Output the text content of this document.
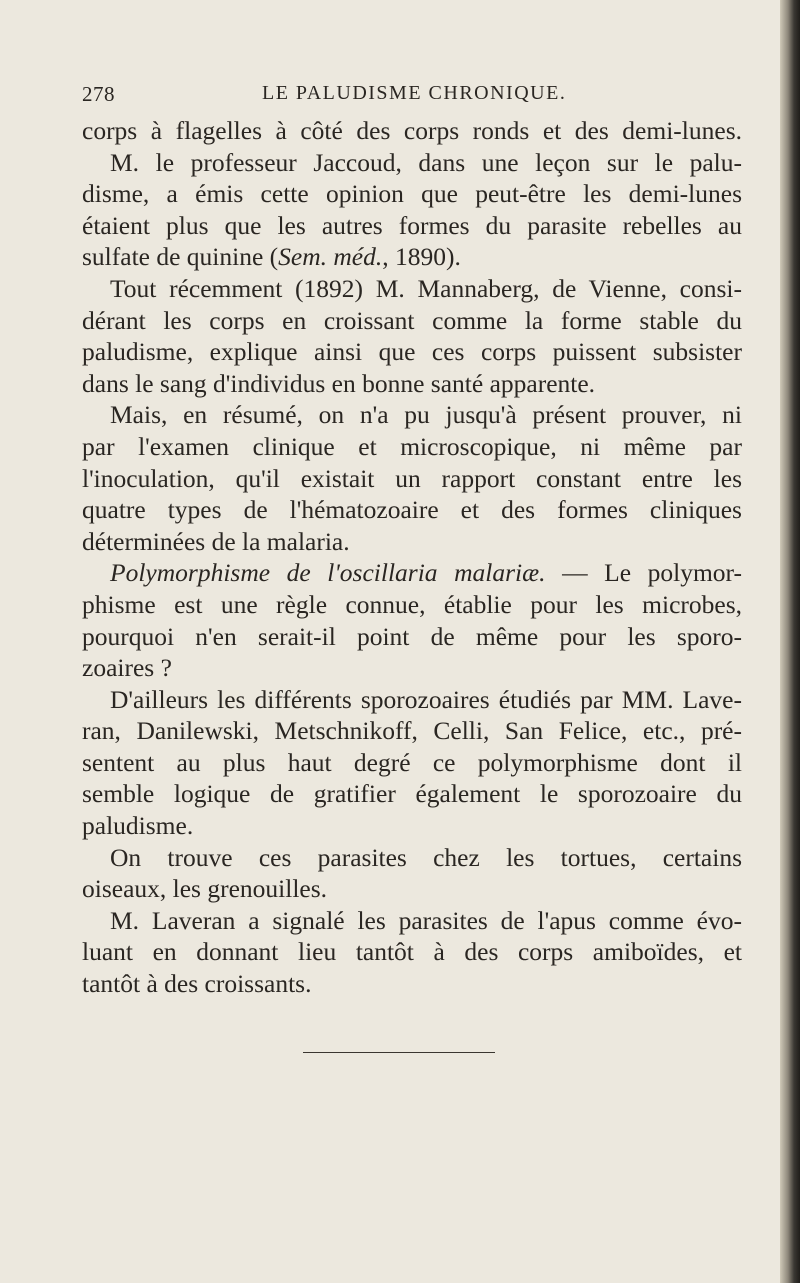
278	LE PALUDISME CHRONIQUE.
corps à flagelles à côté des corps ronds et des demi-lunes.
M. le professeur Jaccoud, dans une leçon sur le palu-
disme, a émis cette opinion que peut-être les demi-lunes
étaient plus que les autres formes du parasite rebelles au
sulfate de quinine (Sem. méd., 1890).
Tout récemment (1892) M. Mannaberg, de Vienne, consi-
dérant les corps en croissant comme la forme stable du
paludisme, explique ainsi que ces corps puissent subsister
dans le sang d'individus en bonne santé apparente.
Mais, en résumé, on n'a pu jusqu'à présent prouver, ni
par l'examen clinique et microscopique, ni même par
l'inoculation, qu'il existait un rapport constant entre les
quatre types de l'hématozoaire et des formes cliniques
déterminées de la malaria.
Polymorphisme de l'oscillaria malariæ. — Le polymor-
phisme est une règle connue, établie pour les microbes,
pourquoi n'en serait-il point de même pour les sporo-
zoaires ?
D'ailleurs les différents sporozoaires étudiés par MM. Lave-
ran, Danilewski, Metschnikoff, Celli, San Felice, etc., pré-
sentent au plus haut degré ce polymorphisme dont il
semble logique de gratifier également le sporozoaire du
paludisme.
On trouve ces parasites chez les tortues, certains
oiseaux, les grenouilles.
M. Laveran a signalé les parasites de l'apus comme évo-
luant en donnant lieu tantôt à des corps amiboïdes, et
tantôt à des croissants.
